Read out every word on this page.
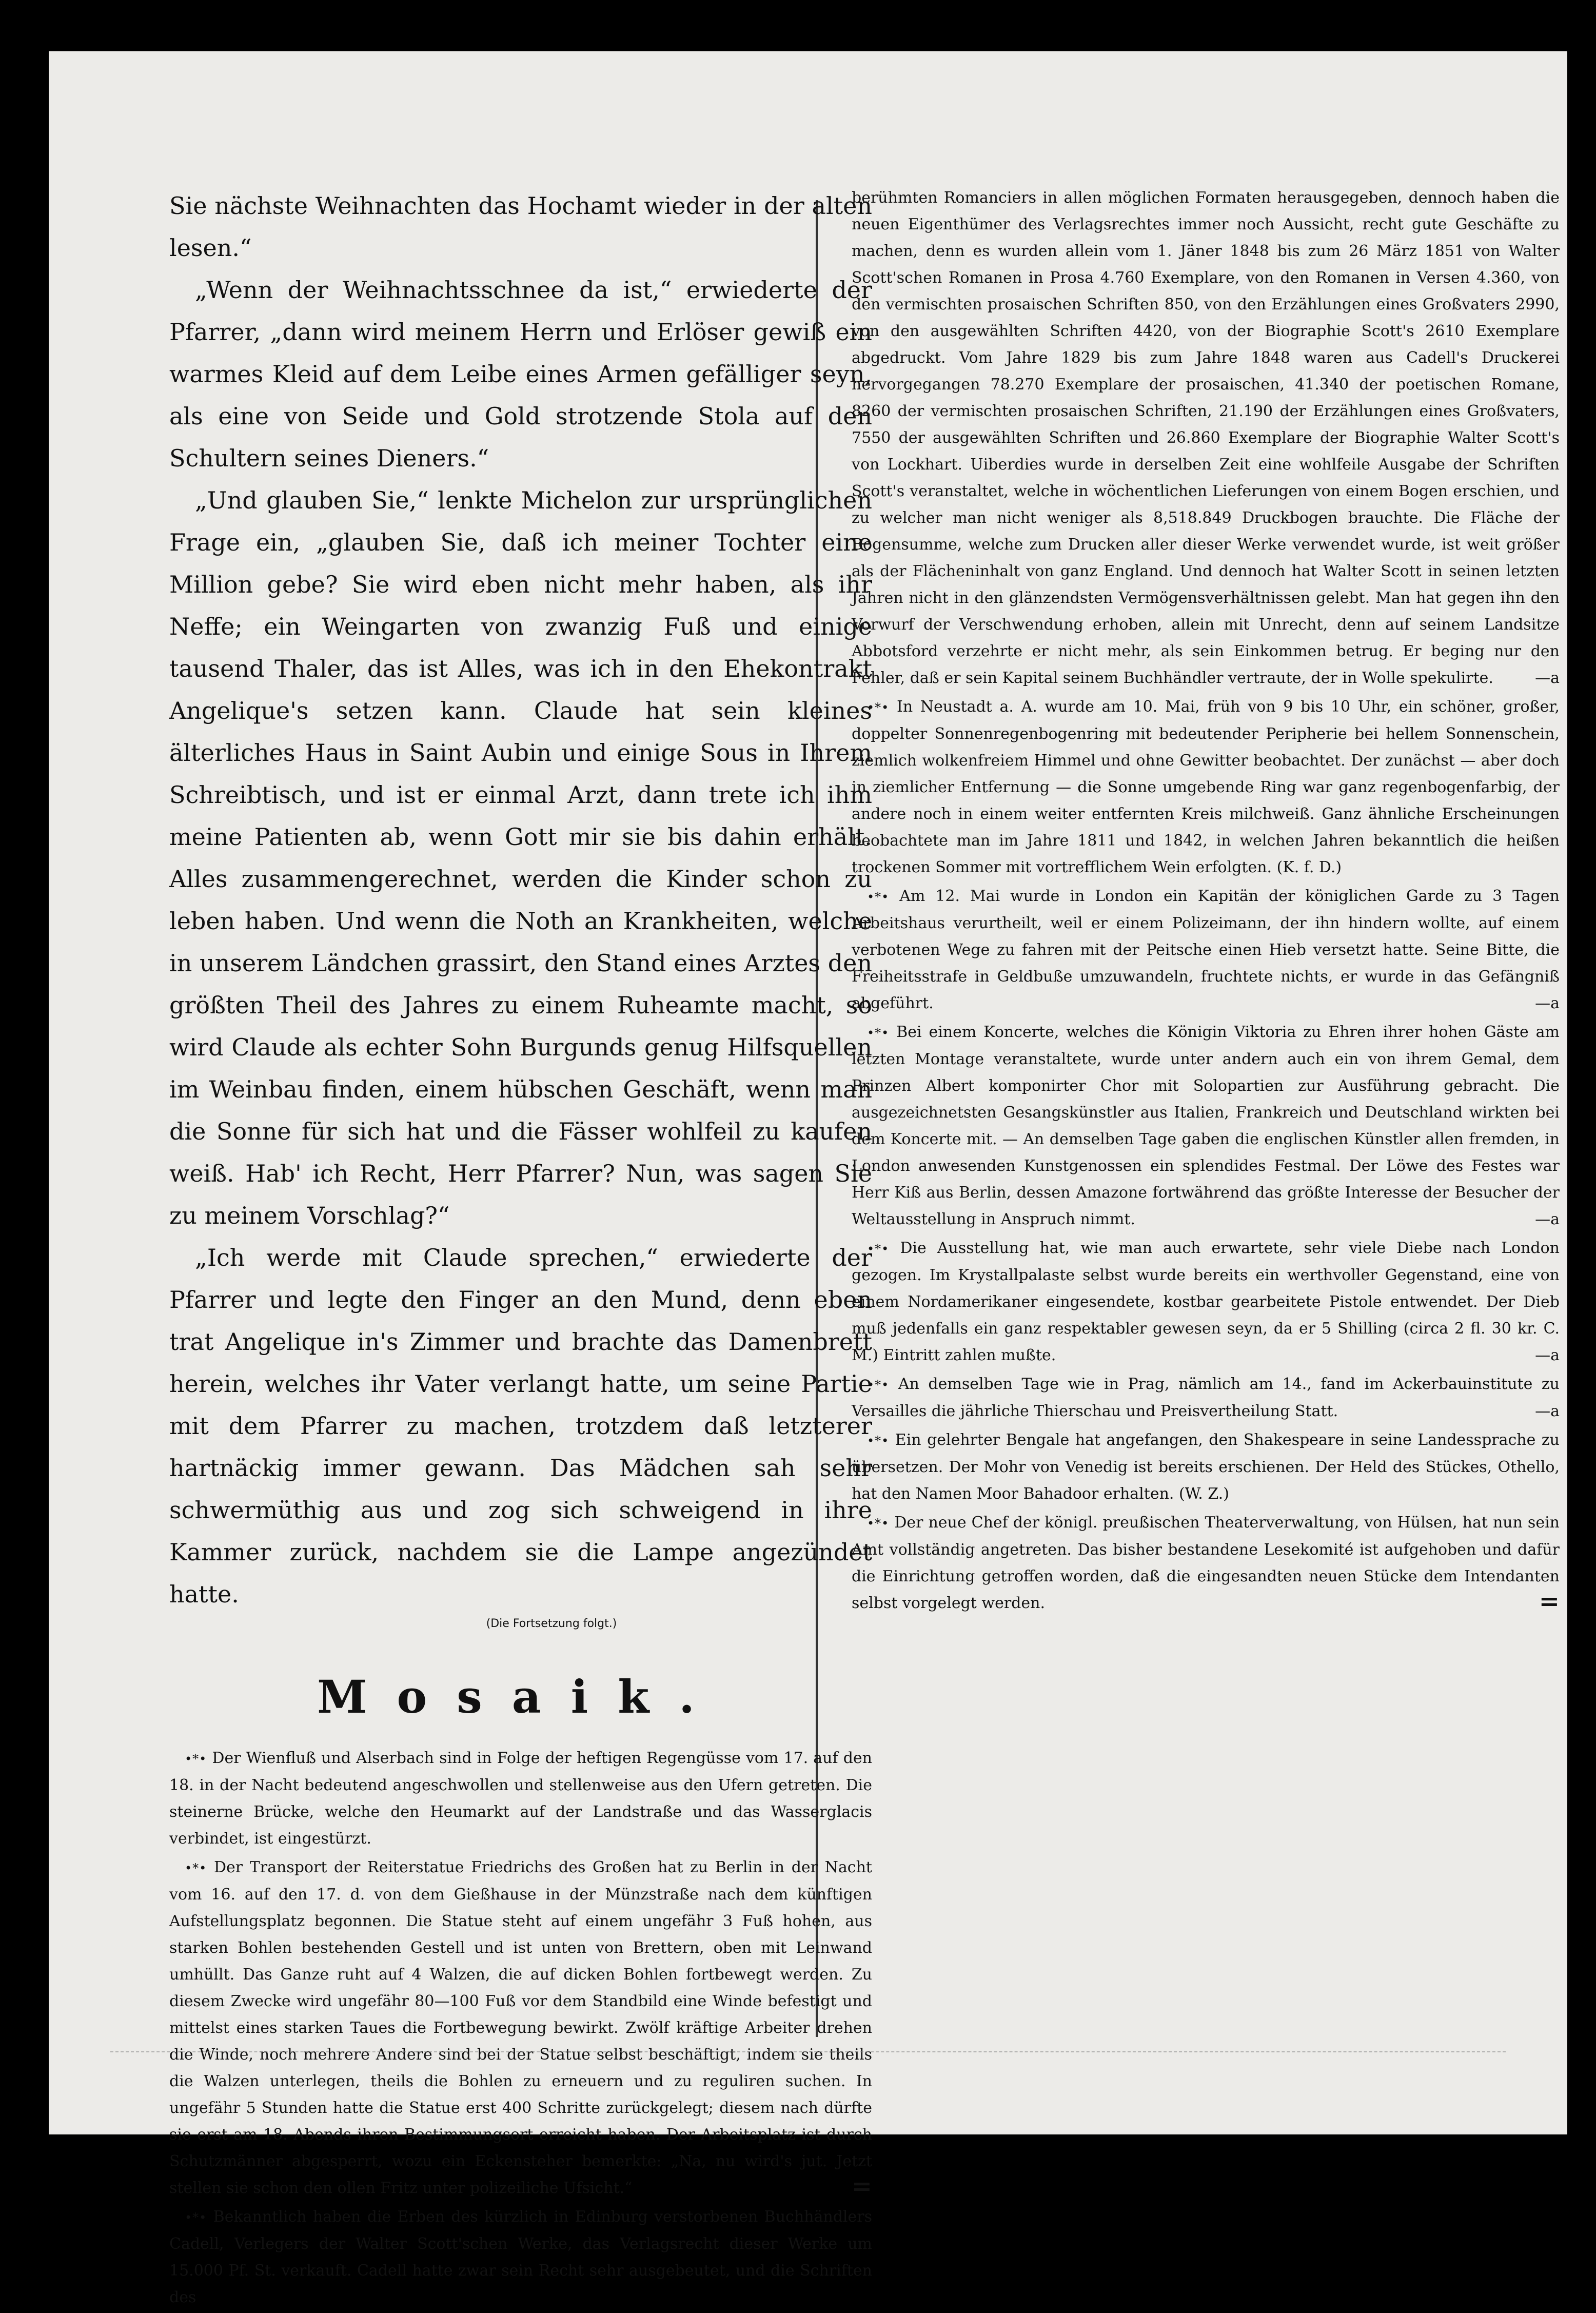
Sie nächste Weihnachten das Hochamt wieder in der alten lesen.“

„Wenn der Weihnachtsschnee da ist,“ erwiederte der Pfarrer, „dann wird meinem Herrn und Erlöser gewiß ein warmes Kleid auf dem Leibe eines Armen gefälliger seyn, als eine von Seide und Gold strotzende Stola auf den Schultern seines Dieners.“

„Und glauben Sie,“ lenkte Michelon zur ursprünglichen Frage ein, „glauben Sie, daß ich meiner Tochter eine Million gebe? Sie wird eben nicht mehr haben, als ihr Neffe; ein Weingarten von zwanzig Fuß und einige tausend Thaler, das ist Alles, was ich in den Ehekontrakt Angelique's setzen kann. Claude hat sein kleines älterliches Haus in Saint Aubin und einige Sous in Ihrem Schreibtisch, und ist er einmal Arzt, dann trete ich ihm meine Patienten ab, wenn Gott mir sie bis dahin erhält. Alles zusammengerechnet, werden die Kinder schon zu leben haben. Und wenn die Noth an Krankheiten, welche in unserem Ländchen grassirt, den Stand eines Arztes den größten Theil des Jahres zu einem Ruheamte macht, so wird Claude als echter Sohn Burgunds genug Hilfsquellen im Weinbau finden, einem hübschen Geschäft, wenn man die Sonne für sich hat und die Fässer wohlfeil zu kaufen weiß. Hab' ich Recht, Herr Pfarrer? Nun, was sagen Sie zu meinem Vorschlag?“

„Ich werde mit Claude sprechen,“ erwiederte der Pfarrer und legte den Finger an den Mund, denn eben trat Angelique in's Zimmer und brachte das Damenbrett herein, welches ihr Vater verlangt hatte, um seine Partie mit dem Pfarrer zu machen, trotzdem daß letzterer hartnäckig immer gewann. Das Mädchen sah sehr schwermüthig aus und zog sich schweigend in ihre Kammer zurück, nachdem sie die Lampe angezündet hatte.

(Die Fortsetzung folgt.)

Mosaik.

•*• Der Wienfluß und Alserbach sind in Folge der heftigen Regengüsse vom 17. auf den 18. in der Nacht bedeutend angeschwollen und stellenweise aus den Ufern getreten. Die steinerne Brücke, welche den Heumarkt auf der Landstraße und das Wasserglacis verbindet, ist eingestürzt.

•*• Der Transport der Reiterstatue Friedrichs des Großen hat zu Berlin in der Nacht vom 16. auf den 17. d. von dem Gießhause in der Münzstraße nach dem künftigen Aufstellungsplatz begonnen. Die Statue steht auf einem ungefähr 3 Fuß hohen, aus starken Bohlen bestehenden Gestell und ist unten von Brettern, oben mit Leinwand umhüllt. Das Ganze ruht auf 4 Walzen, die auf dicken Bohlen fortbewegt werden. Zu diesem Zwecke wird ungefähr 80—100 Fuß vor dem Standbild eine Winde befestigt und mittelst eines starken Taues die Fortbewegung bewirkt. Zwölf kräftige Arbeiter drehen die Winde, noch mehrere Andere sind bei der Statue selbst beschäftigt, indem sie theils die Walzen unterlegen, theils die Bohlen zu erneuern und zu reguliren suchen. In ungefähr 5 Stunden hatte die Statue erst 400 Schritte zurückgelegt; diesem nach dürfte sie erst am 18. Abends ihren Bestimmungsort erreicht haben. Der Arbeitsplatz ist durch Schutzmänner abgesperrt, wozu ein Eckensteher bemerkte: „Na, nu wird's jut. Jetzt stellen sie schon den ollen Fritz unter polizeiliche Ufsicht.“	=

•*• Bekanntlich haben die Erben des kürzlich in Edinburg verstorbenen Buchhändlers Cadell, Verlegers der Walter Scott'schen Werke, das Verlagsrecht dieser Werke um 15.000 Pf. St. verkauft. Cadell hatte zwar sein Recht sehr ausgebeutet, und die Schriften des

berühmten Romanciers in allen möglichen Formaten herausgegeben, dennoch haben die neuen Eigenthümer des Verlagsrechtes immer noch Aussicht, recht gute Geschäfte zu machen, denn es wurden allein vom 1. Jäner 1848 bis zum 26 März 1851 von Walter Scott'schen Romanen in Prosa 4.760 Exemplare, von den Romanen in Versen 4.360, von den vermischten prosaischen Schriften 850, von den Erzählungen eines Großvaters 2990, von den ausgewählten Schriften 4420, von der Biographie Scott's 2610 Exemplare abgedruckt. Vom Jahre 1829 bis zum Jahre 1848 waren aus Cadell's Druckerei hervorgegangen 78.270 Exemplare der prosaischen, 41.340 der poetischen Romane, 8260 der vermischten prosaischen Schriften, 21.190 der Erzählungen eines Großvaters, 7550 der ausgewählten Schriften und 26.860 Exemplare der Biographie Walter Scott's von Lockhart. Uiberdies wurde in derselben Zeit eine wohlfeile Ausgabe der Schriften Scott's veranstaltet, welche in wöchentlichen Lieferungen von einem Bogen erschien, und zu welcher man nicht weniger als 8,518.849 Druckbogen brauchte. Die Fläche der Bogensumme, welche zum Drucken aller dieser Werke verwendet wurde, ist weit größer als der Flächeninhalt von ganz England. Und dennoch hat Walter Scott in seinen letzten Jahren nicht in den glänzendsten Vermögensverhältnissen gelebt. Man hat gegen ihn den Vorwurf der Verschwendung erhoben, allein mit Unrecht, denn auf seinem Landsitze Abbotsford verzehrte er nicht mehr, als sein Einkommen betrug. Er beging nur den Fehler, daß er sein Kapital seinem Buchhändler vertraute, der in Wolle spekulirte.	—a

•*• In Neustadt a. A. wurde am 10. Mai, früh von 9 bis 10 Uhr, ein schöner, großer, doppelter Sonnenregenbogenring mit bedeutender Peripherie bei hellem Sonnenschein, ziemlich wolkenfreiem Himmel und ohne Gewitter beobachtet. Der zunächst — aber doch in ziemlicher Entfernung — die Sonne umgebende Ring war ganz regenbogenfarbig, der andere noch in einem weiter entfernten Kreis milchweiß. Ganz ähnliche Erscheinungen beobachtete man im Jahre 1811 und 1842, in welchen Jahren bekanntlich die heißen trockenen Sommer mit vortrefflichem Wein erfolgten. (K. f. D.)

•*• Am 12. Mai wurde in London ein Kapitän der königlichen Garde zu 3 Tagen Arbeitshaus verurtheilt, weil er einem Polizeimann, der ihn hindern wollte, auf einem verbotenen Wege zu fahren mit der Peitsche einen Hieb versetzt hatte. Seine Bitte, die Freiheitsstrafe in Geldbuße umzuwandeln, fruchtete nichts, er wurde in das Gefängniß abgeführt.	—a

•*• Bei einem Koncerte, welches die Königin Viktoria zu Ehren ihrer hohen Gäste am letzten Montage veranstaltete, wurde unter andern auch ein von ihrem Gemal, dem Prinzen Albert komponirter Chor mit Solopartien zur Ausführung gebracht. Die ausgezeichnetsten Gesangskünstler aus Italien, Frankreich und Deutschland wirkten bei dem Koncerte mit. — An demselben Tage gaben die englischen Künstler allen fremden, in London anwesenden Kunstgenossen ein splendides Festmal. Der Löwe des Festes war Herr Kiß aus Berlin, dessen Amazone fortwährend das größte Interesse der Besucher der Weltausstellung in Anspruch nimmt.	—a

•*• Die Ausstellung hat, wie man auch erwartete, sehr viele Diebe nach London gezogen. Im Krystallpalaste selbst wurde bereits ein werthvoller Gegenstand, eine von einem Nordamerikaner eingesendete, kostbar gearbeitete Pistole entwendet. Der Dieb muß jedenfalls ein ganz respektabler gewesen seyn, da er 5 Shilling (circa 2 fl. 30 kr. C. M.) Eintritt zahlen mußte.	—a

•*• An demselben Tage wie in Prag, nämlich am 14., fand im Ackerbauinstitute zu Versailles die jährliche Thierschau und Preisvertheilung Statt.	—a

•*• Ein gelehrter Bengale hat angefangen, den Shakespeare in seine Landessprache zu übersetzen. Der Mohr von Venedig ist bereits erschienen. Der Held des Stückes, Othello, hat den Namen Moor Bahadoor erhalten. (W. Z.)

•*• Der neue Chef der königl. preußischen Theaterverwaltung, von Hülsen, hat nun sein Amt vollständig angetreten. Das bisher bestandene Lesekomité ist aufgehoben und dafür die Einrichtung getroffen worden, daß die eingesandten neuen Stücke dem Intendanten selbst vorgelegt werden.	=
